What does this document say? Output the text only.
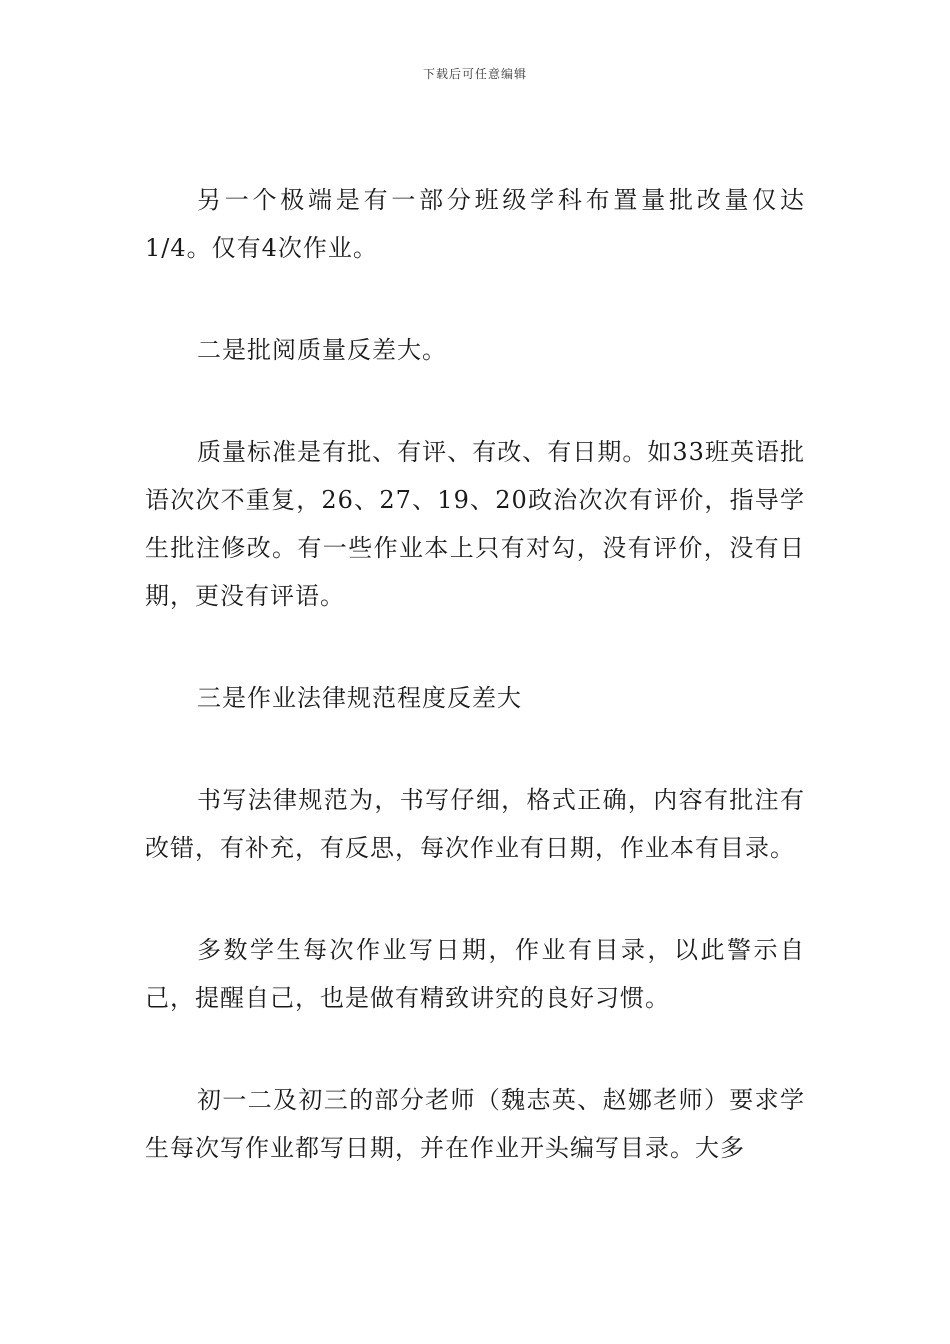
下载后可任意编辑

另一个极端是有一部分班级学科布置量批改量仅达1/4。仅有4次作业。

二是批阅质量反差大。

质量标准是有批、有评、有改、有日期。如33班英语批语次次不重复，26、27、19、20政治次次有评价，指导学生批注修改。有一些作业本上只有对勾，没有评价，没有日期，更没有评语。

三是作业法律规范程度反差大

书写法律规范为，书写仔细，格式正确，内容有批注有改错，有补充，有反思，每次作业有日期，作业本有目录。

多数学生每次作业写日期，作业有目录，以此警示自己，提醒自己，也是做有精致讲究的良好习惯。

初一二及初三的部分老师（魏志英、赵娜老师）要求学生每次写作业都写日期，并在作业开头编写目录。大多
